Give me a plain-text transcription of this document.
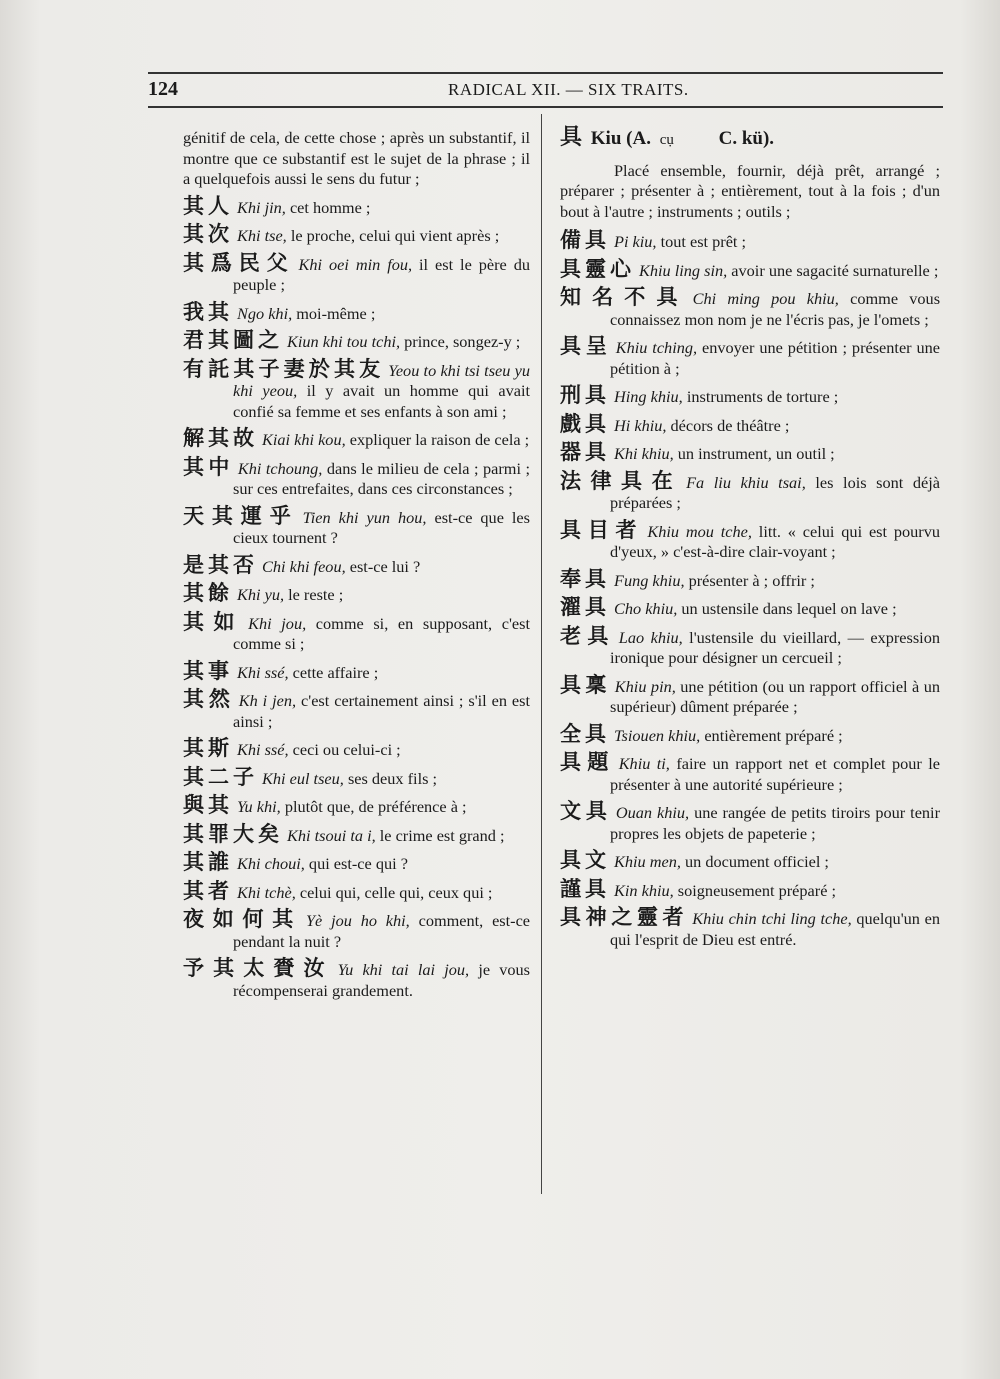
124	RADICAL XII. — SIX TRAITS.
génitif de cela, de cette chose ; après un substantif, il montre que ce substantif est le sujet de la phrase ; il a quelquefois aussi le sens du futur ;
其人 Khi jin, cet homme ;
其次 Khi tse, le proche, celui qui vient après ;
其爲民父 Khi oei min fou, il est le père du peuple ;
我其 Ngo khi, moi-même ;
君其圖之 Kiun khi tou tchi, prince, songez-y ;
有託其子妻於其友 Yeou to khi tsi tseu yu khi yeou, il y avait un homme qui avait confié sa femme et ses enfants à son ami ;
解其故 Kiai khi kou, expliquer la raison de cela ;
其中 Khi tchoung, dans le milieu de cela ; parmi ; sur ces entrefaites, dans ces circonstances ;
天其運乎 Tien khi yun hou, est-ce que les cieux tournent ?
是其否 Chi khi feou, est-ce lui ?
其餘 Khi yu, le reste ;
其如 Khi jou, comme si, en supposant, c'est comme si ;
其事 Khi ssé, cette affaire ;
其然 Kh i jen, c'est certainement ainsi ; s'il en est ainsi ;
其斯 Khi ssé, ceci ou celui-ci ;
其二子 Khi eul tseu, ses deux fils ;
與其 Yu khi, plutôt que, de préférence à ;
其罪大矣 Khi tsoui ta i, le crime est grand ;
其誰 Khi choui, qui est-ce qui ?
其者 Khi tchè, celui qui, celle qui, ceux qui ;
夜如何其 Yè jou ho khi, comment, est-ce pendant la nuit ?
予其太賚汝 Yu khi tai lai jou, je vous récompenserai grandement.
具 Kiu (A. cụ C. kü).
Placé ensemble, fournir, déjà prêt, arrangé ; préparer ; présenter à ; entièrement, tout à la fois ; d'un bout à l'autre ; instruments ; outils ;
備具 Pi kiu, tout est prêt ;
具靈心 Khiu ling sin, avoir une sagacité surnaturelle ;
知名不具 Chi ming pou khiu, comme vous connaissez mon nom je ne l'écris pas, je l'omets ;
具呈 Khiu tching, envoyer une pétition ; présenter une pétition à ;
刑具 Hing khiu, instruments de torture ;
戲具 Hi khiu, décors de théâtre ;
器具 Khi khiu, un instrument, un outil ;
法律具在 Fa liu khiu tsai, les lois sont déjà préparées ;
具目者 Khiu mou tche, litt. « celui qui est pourvu d'yeux, » c'est-à-dire clair-voyant ;
奉具 Fung khiu, présenter à ; offrir ;
濯具 Cho khiu, un ustensile dans lequel on lave ;
老具 Lao khiu, l'ustensile du vieillard, — expression ironique pour désigner un cercueil ;
具稟 Khiu pin, une pétition (ou un rapport officiel à un supérieur) dûment préparée ;
全具 Tsiouen khiu, entièrement préparé ;
具題 Khiu ti, faire un rapport net et complet pour le présenter à une autorité supérieure ;
文具 Ouan khiu, une rangée de petits tiroirs pour tenir propres les objets de papeterie ;
具文 Khiu men, un document officiel ;
謹具 Kin khiu, soigneusement préparé ;
具神之靈者 Khiu chin tchi ling tche, quelqu'un en qui l'esprit de Dieu est entré.
